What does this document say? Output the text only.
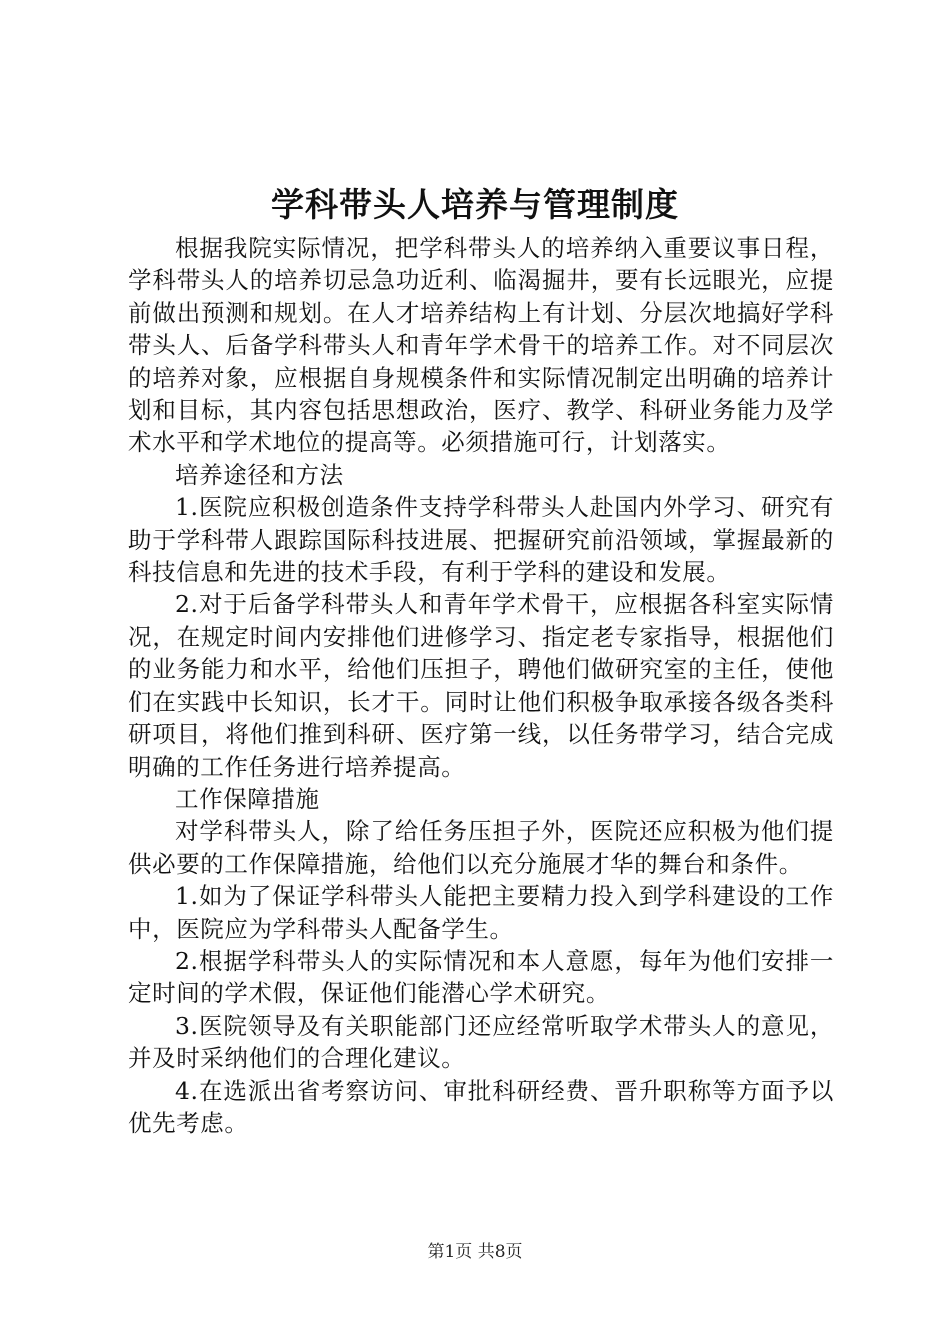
学科带头人培养与管理制度

根据我院实际情况，把学科带头人的培养纳入重要议事日程，学科带头人的培养切忌急功近利、临渴掘井，要有长远眼光，应提前做出预测和规划。在人才培养结构上有计划、分层次地搞好学科带头人、后备学科带头人和青年学术骨干的培养工作。对不同层次的培养对象，应根据自身规模条件和实际情况制定出明确的培养计划和目标，其内容包括思想政治，医疗、教学、科研业务能力及学术水平和学术地位的提高等。必须措施可行，计划落实。

培养途径和方法

1.医院应积极创造条件支持学科带头人赴国内外学习、研究有助于学科带人跟踪国际科技进展、把握研究前沿领域，掌握最新的科技信息和先进的技术手段，有利于学科的建设和发展。

2.对于后备学科带头人和青年学术骨干，应根据各科室实际情况，在规定时间内安排他们进修学习、指定老专家指导，根据他们的业务能力和水平，给他们压担子，聘他们做研究室的主任，使他们在实践中长知识，长才干。同时让他们积极争取承接各级各类科研项目，将他们推到科研、医疗第一线，以任务带学习，结合完成明确的工作任务进行培养提高。

工作保障措施

对学科带头人，除了给任务压担子外，医院还应积极为他们提供必要的工作保障措施，给他们以充分施展才华的舞台和条件。

1.如为了保证学科带头人能把主要精力投入到学科建设的工作中，医院应为学科带头人配备学生。

2.根据学科带头人的实际情况和本人意愿，每年为他们安排一定时间的学术假，保证他们能潜心学术研究。

3.医院领导及有关职能部门还应经常听取学术带头人的意见，并及时采纳他们的合理化建议。

4.在选派出省考察访问、审批科研经费、晋升职称等方面予以优先考虑。

第1页 共8页
